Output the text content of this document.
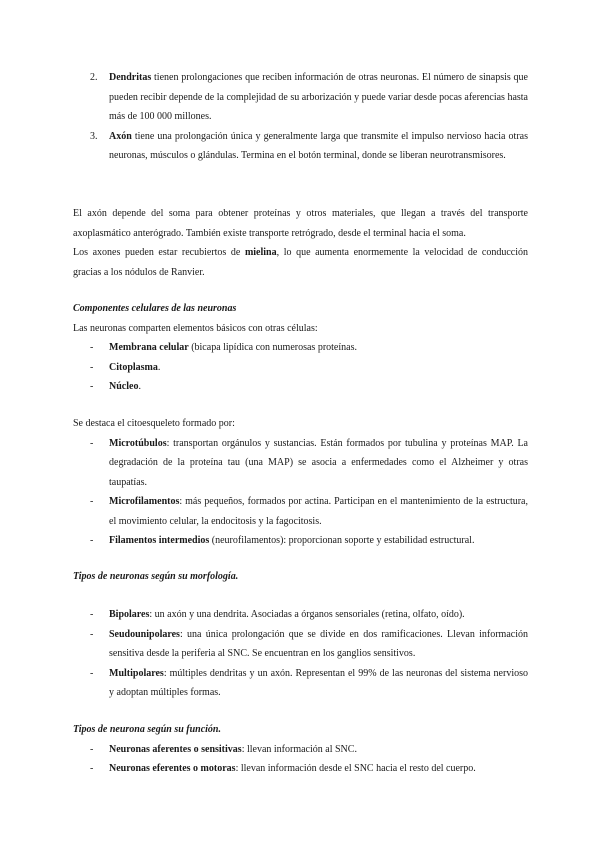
2. Dendritas tienen prolongaciones que reciben información de otras neuronas. El número de sinapsis que pueden recibir depende de la complejidad de su arborización y puede variar desde pocas aferencias hasta más de 100 000 millones.
3. Axón tiene una prolongación única y generalmente larga que transmite el impulso nervioso hacia otras neuronas, músculos o glándulas. Termina en el botón terminal, donde se liberan neurotransmisores.

El axón depende del soma para obtener proteínas y otros materiales, que llegan a través del transporte axoplasmático anterógrado. También existe transporte retrógrado, desde el terminal hacia el soma.

Los axones pueden estar recubiertos de mielina, lo que aumenta enormemente la velocidad de conducción gracias a los nódulos de Ranvier.

Componentes celulares de las neuronas

Las neuronas comparten elementos básicos con otras células:

- Membrana celular (bicapa lipídica con numerosas proteínas.
- Citoplasma.
- Núcleo.

Se destaca el citoesqueleto formado por:

- Microtúbulos: transportan orgánulos y sustancias. Están formados por tubulina y proteínas MAP. La degradación de la proteína tau (una MAP) se asocia a enfermedades como el Alzheimer y otras taupatías.
- Microfilamentos: más pequeños, formados por actina. Participan en el mantenimiento de la estructura, el movimiento celular, la endocitosis y la fagocitosis.
- Filamentos intermedios (neurofilamentos): proporcionan soporte y estabilidad estructural.

Tipos de neuronas según su morfología.

- Bipolares: un axón y una dendrita. Asociadas a órganos sensoriales (retina, olfato, oído).
- Seudounipolares: una única prolongación que se divide en dos ramificaciones. Llevan información sensitiva desde la periferia al SNC. Se encuentran en los ganglios sensitivos.
- Multipolares: múltiples dendritas y un axón. Representan el 99% de las neuronas del sistema nervioso y adoptan múltiples formas.

Tipos de neurona según su función.

- Neuronas aferentes o sensitivas: llevan información al SNC.
- Neuronas eferentes o motoras: llevan información desde el SNC hacia el resto del cuerpo.
